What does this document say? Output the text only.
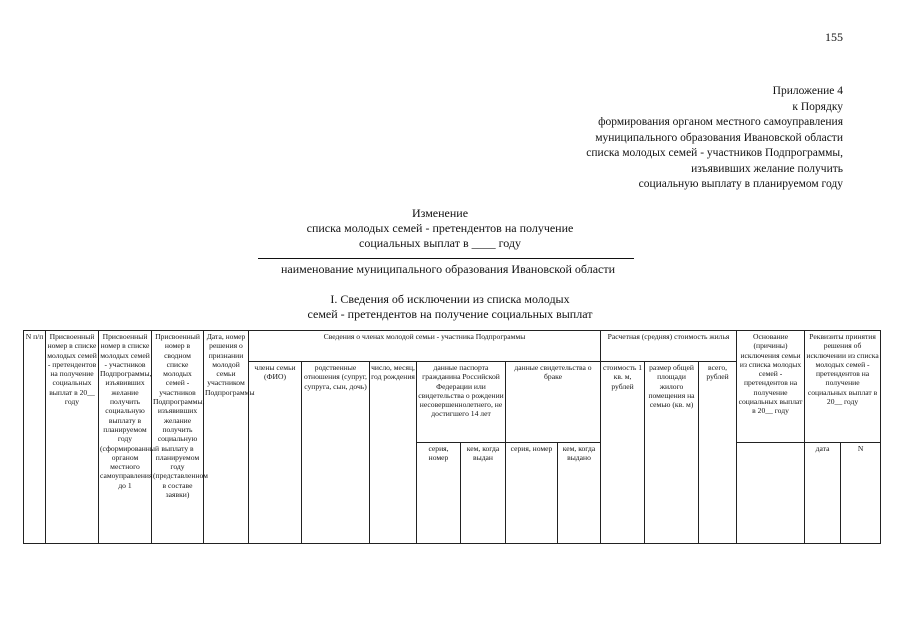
155
Приложение 4
к Порядку
формирования органом местного самоуправления
муниципального образования Ивановской области
списка молодых семей - участников Подпрограммы,
изъявивших желание получить
социальную выплату в планируемом году
Изменение
списка молодых семей - претендентов на получение
социальных выплат в ____ году
наименование муниципального образования Ивановской области
I. Сведения об исключении из списка молодых
семей - претендентов на получение социальных выплат
N п/п	Присвоенный номер в списке молодых семей - претендентов на получение социальных выплат в 20__ году	Присвоенный номер в списке молодых семей - участников Подпрограммы, изъявивших желание получить социальную выплату в планируемом году (сформированный органом местного самоуправления до 1	Присвоенный номер в сводном списке молодых семей - участников Подпрограммы, изъявивших желание получить социальную выплату в планируемом году (представленном в составе заявки)	Дата, номер решения о признании молодой семьи участником Подпрограммы	Сведения о членах молодой семьи - участника Подпрограммы							Расчетная (средняя) стоимость жилья			Основание (причины) исключения семьи из списка молодых семей - претендентов на получение социальных выплат в 20__ году	Реквизиты принятия решения об исключении из списка молодых семей - претендентов на получение социальных выплат в 20__ году	
					члены семьи (ФИО)	родственные отношения (супруг, супруга, сын, дочь)	число, месяц, год рождения	данные паспорта гражданина Российской Федерации или свидетельства о рождении несовершеннолетнего, не достигшего 14 лет		данные свидетельства о браке		стоимость 1 кв. м, рублей	размер общей площади жилого помещения на семью (кв. м)	всего, рублей			
								серия, номер	кем, когда выдан	серия, номер	кем, когда выдано					дата	N
